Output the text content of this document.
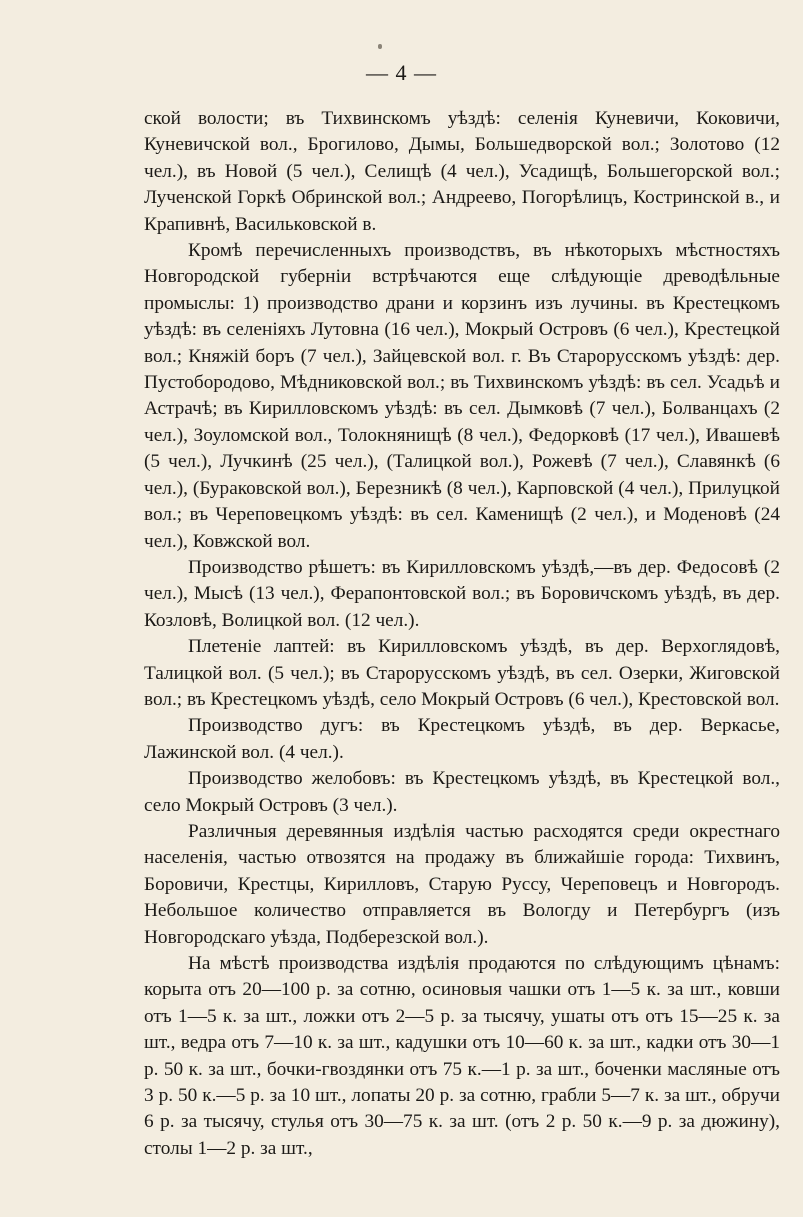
— 4 —

ской волости; въ Тихвинскомъ уѣздѣ: селенія Куневичи, Коковичи, Куневичской вол., Брогилово, Дымы, Большедворской вол.; Золотово (12 чел.), въ Новой (5 чел.), Селищѣ (4 чел.), Усадищѣ, Большегорской вол.; Лученской Горкѣ Обринской вол.; Андреево, Погорѣлицъ, Костринской в., и Крапивнѣ, Васильковской в.

Кромѣ перечисленныхъ производствъ, въ нѣкоторыхъ мѣстностяхъ Новгородской губерніи встрѣчаются еще слѣдующіе древодѣльные промыслы: 1) производство драни и корзинъ изъ лучины. въ Крестецкомъ уѣздѣ: въ селеніяхъ Лутовна (16 чел.), Мокрый Островъ (6 чел.), Крестецкой вол.; Княжій боръ (7 чел.), Зайцевской вол. г. Въ Старорусскомъ уѣздѣ: дер. Пустобородово, Мѣдниковской вол.; въ Тихвинскомъ уѣздѣ: въ сел. Усадьѣ и Астрачѣ; въ Кирилловскомъ уѣздѣ: въ сел. Дымковѣ (7 чел.), Болванцахъ (2 чел.), Зоуломской вол., Толокнянищѣ (8 чел.), Федорковѣ (17 чел.), Ивашевѣ (5 чел.), Лучкинѣ (25 чел.), (Талицкой вол.), Рожевѣ (7 чел.), Славянкѣ (6 чел.), (Бураковской вол.), Березникѣ (8 чел.), Карповской (4 чел.), Прилуцкой вол.; въ Череповецкомъ уѣздѣ: въ сел. Каменищѣ (2 чел.), и Моденовѣ (24 чел.), Ковжской вол.

Производство рѣшетъ: въ Кирилловскомъ уѣздѣ,—въ дер. Федосовѣ (2 чел.), Мысѣ (13 чел.), Ферапонтовской вол.; въ Боровичскомъ уѣздѣ, въ дер. Козловѣ, Волицкой вол. (12 чел.).

Плетеніе лаптей: въ Кирилловскомъ уѣздѣ, въ дер. Верхоглядовѣ, Талицкой вол. (5 чел.); въ Старорусскомъ уѣздѣ, въ сел. Озерки, Жиговской вол.; въ Крестецкомъ уѣздѣ, село Мокрый Островъ (6 чел.), Крестовской вол.

Производство дугъ: въ Крестецкомъ уѣздѣ, въ дер. Веркасье, Лажинской вол. (4 чел.).

Производство желобовъ: въ Крестецкомъ уѣздѣ, въ Крестецкой вол., село Мокрый Островъ (3 чел.).

Различныя деревянныя издѣлія частью расходятся среди окрестнаго населенія, частью отвозятся на продажу въ ближайшіе города: Тихвинъ, Боровичи, Крестцы, Кирилловъ, Старую Руссу, Череповецъ и Новгородъ. Небольшое количество отправляется въ Вологду и Петербургъ (изъ Новгородскаго уѣзда, Подберезской вол.).

На мѣстѣ производства издѣлія продаются по слѣдующимъ цѣнамъ: корыта отъ 20—100 р. за сотню, осиновыя чашки отъ 1—5 к. за шт., ковши отъ 1—5 к. за шт., ложки отъ 2—5 р. за тысячу, ушаты отъ отъ 15—25 к. за шт., ведра отъ 7—10 к. за шт., кадушки отъ 10—60 к. за шт., кадки отъ 30—1 р. 50 к. за шт., бочки-гвоздянки отъ 75 к.—1 р. за шт., боченки масляные отъ 3 р. 50 к.—5 р. за 10 шт., лопаты 20 р. за сотню, грабли 5—7 к. за шт., обручи 6 р. за тысячу, стулья отъ 30—75 к. за шт. (отъ 2 р. 50 к.—9 р. за дюжину), столы 1—2 р. за шт.,
